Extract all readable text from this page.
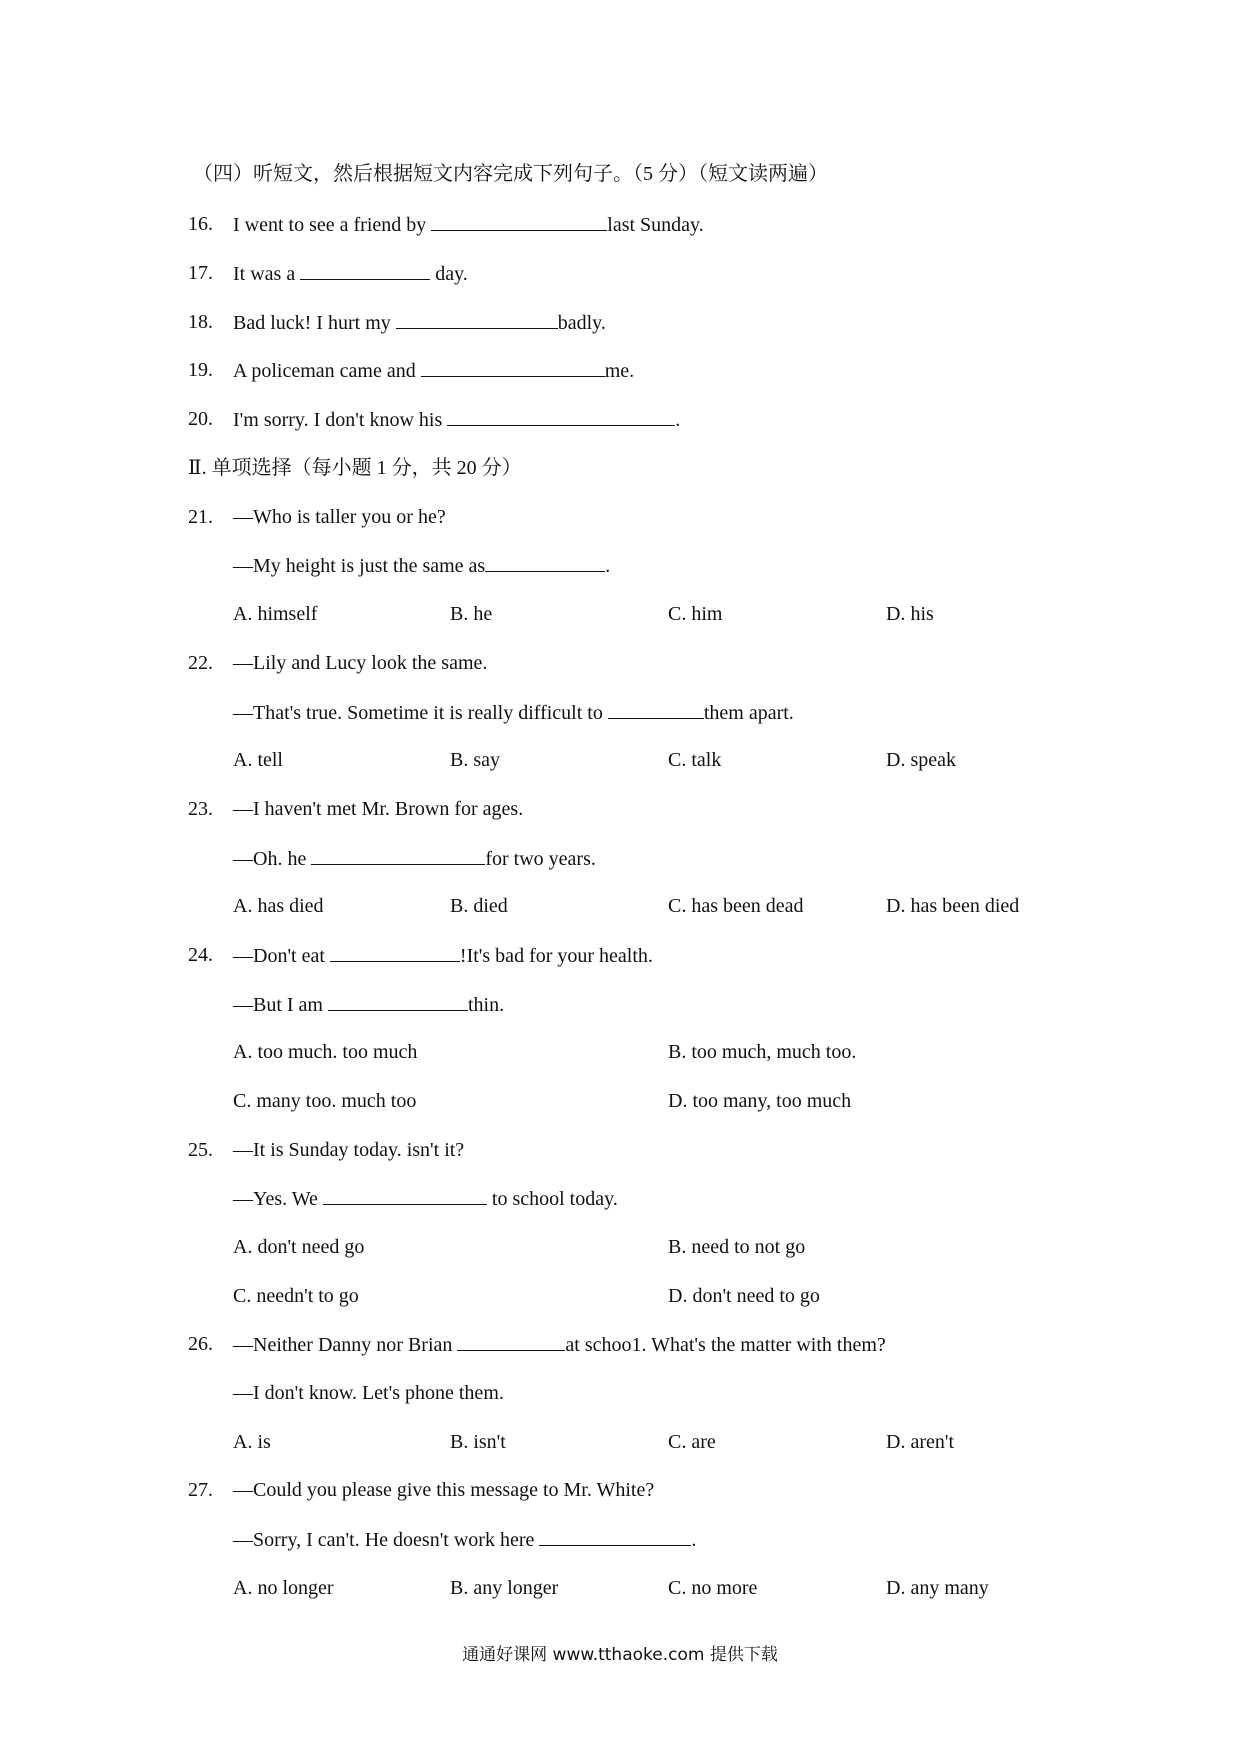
（四）听短文，然后根据短文内容完成下列句子。（5 分）（短文读两遍）
16. I went to see a friend by	last Sunday.
17. It was a	day.
18. Bad luck! I hurt my	badly.
19. A policeman came and	me.
20. I'm sorry. I don't know his	.
Ⅱ. 单项选择（每小题 1 分，共 20 分）
21. —Who is taller you or he?
—My height is just the same as	.
A. himself	B. he	C. him	D. his
22. —Lily and Lucy look the same.
—That's true. Sometime it is really difficult to	them apart.
A. tell	B. say	C. talk	D. speak
23. —I haven't met Mr. Brown for ages.
—Oh. he	for two years.
A. has died	B. died	C. has been dead	D. has been died
24. —Don't eat	!It's bad for your health.
—But I am	thin.
A. too much. too much	B. too much, much too.
C. many too. much too	D. too many, too much
25. —It is Sunday today. isn't it?
—Yes. We	to school today.
A. don't need go	B. need to not go
C. needn't to go	D. don't need to go
26. —Neither Danny nor Brian	at schoo1. What's the matter with them?
—I don't know. Let's phone them.
A. is	B. isn't	C. are	D. aren't
27. —Could you please give this message to Mr. White?
—Sorry, I can't. He doesn't work here	.
A. no longer	B. any longer	C. no more	D. any many
通通好课网 www.tthaoke.com 提供下载
